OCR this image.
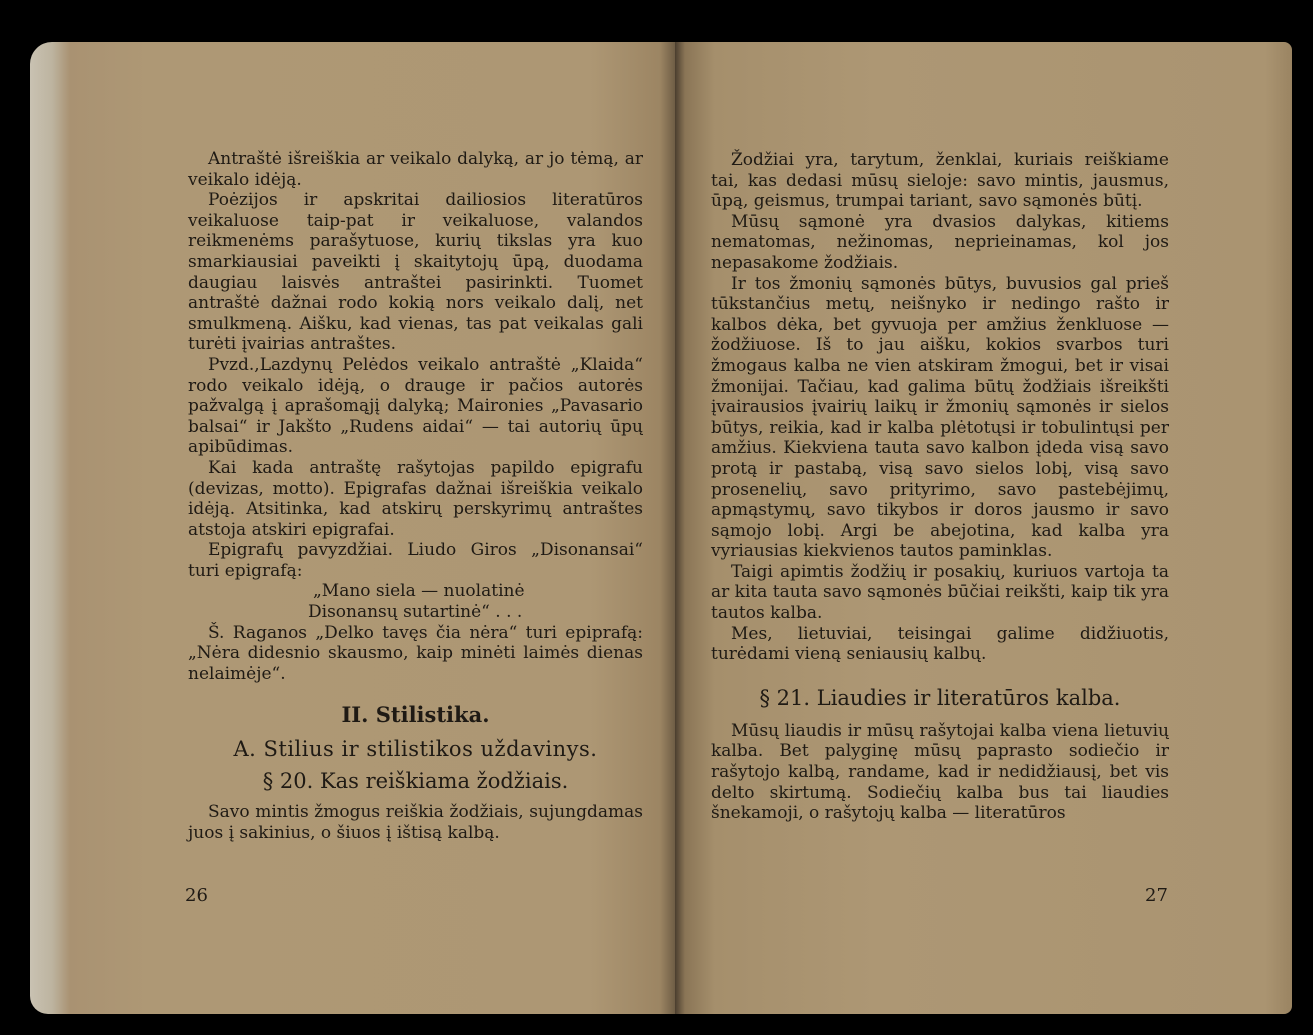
Antraštė išreiškia ar veikalo dalyką, ar jo tėmą, ar veikalo idėją.

Poėzijos ir apskritai dailiosios literatūros veikaluose taip-pat ir veikaluose, valandos reikmenėms parašytuose, kurių tikslas yra kuo smarkiausiai paveikti į skaitytojų ūpą, duodama daugiau laisvės antraštei pasirinkti. Tuomet antraštė dažnai rodo kokią nors veikalo dalį, net smulkmeną. Aišku, kad vienas, tas pat veikalas gali turėti įvairias antraštes.

Pvzd.,Lazdynų Pelėdos veikalo antraštė „Klaida“ rodo veikalo idėją, o drauge ir pačios autorės pažvalgą į aprašomąjį dalyką; Maironies „Pavasario balsai“ ir Jakšto „Rudens aidai“ — tai autorių ūpų apibūdimas.

Kai kada antraštę rašytojas papildo epigrafu (devizas, motto). Epigrafas dažnai išreiškia veikalo idėją. Atsitinka, kad atskirų perskyrimų antraštes atstoja atskiri epigrafai.

Epigrafų pavyzdžiai. Liudo Giros „Disonansai“ turi epigrafą:

„Mano siela — nuolatinė

Disonansų sutartinė“ . . .

Š. Raganos „Delko tavęs čia nėra“ turi epiprafą: „Nėra didesnio skausmo, kaip minėti laimės dienas nelaimėje“.

II. Stilistika.
A. Stilius ir stilistikos uždavinys.
§ 20. Kas reiškiama žodžiais.

Savo mintis žmogus reiškia žodžiais, sujungdamas juos į sakinius, o šiuos į ištisą kalbą.

26

Žodžiai yra, tarytum, ženklai, kuriais reiškiame tai, kas dedasi mūsų sieloje: savo mintis, jausmus, ūpą, geismus, trumpai tariant, savo sąmonės būtį.

Mūsų sąmonė yra dvasios dalykas, kitiems nematomas, nežinomas, neprieinamas, kol jos nepasakome žodžiais.

Ir tos žmonių sąmonės būtys, buvusios gal prieš tūkstančius metų, neišnyko ir nedingo rašto ir kalbos dėka, bet gyvuoja per amžius ženkluose — žodžiuose. Iš to jau aišku, kokios svarbos turi žmogaus kalba ne vien atskiram žmogui, bet ir visai žmonijai. Tačiau, kad galima būtų žodžiais išreikšti įvairausios įvairių laikų ir žmonių sąmonės ir sielos būtys, reikia, kad ir kalba plėtotųsi ir tobulintųsi per amžius. Kiekviena tauta savo kalbon įdeda visą savo protą ir pastabą, visą savo sielos lobį, visą savo prosenelių, savo prityrimo, savo pastebėjimų, apmąstymų, savo tikybos ir doros jausmo ir savo sąmojo lobį. Argi be abejotina, kad kalba yra vyriausias kiekvienos tautos paminklas.

Taigi apimtis žodžių ir posakių, kuriuos vartoja ta ar kita tauta savo sąmonės būčiai reikšti, kaip tik yra tautos kalba.

Mes, lietuviai, teisingai galime didžiuotis, turėdami vieną seniausių kalbų.

§ 21. Liaudies ir literatūros kalba.

Mūsų liaudis ir mūsų rašytojai kalba viena lietuvių kalba. Bet palyginę mūsų paprasto sodiečio ir rašytojo kalbą, randame, kad ir nedidžiausį, bet vis delto skirtumą. Sodiečių kalba bus tai liaudies šnekamoji, o rašytojų kalba — literatūros

27
